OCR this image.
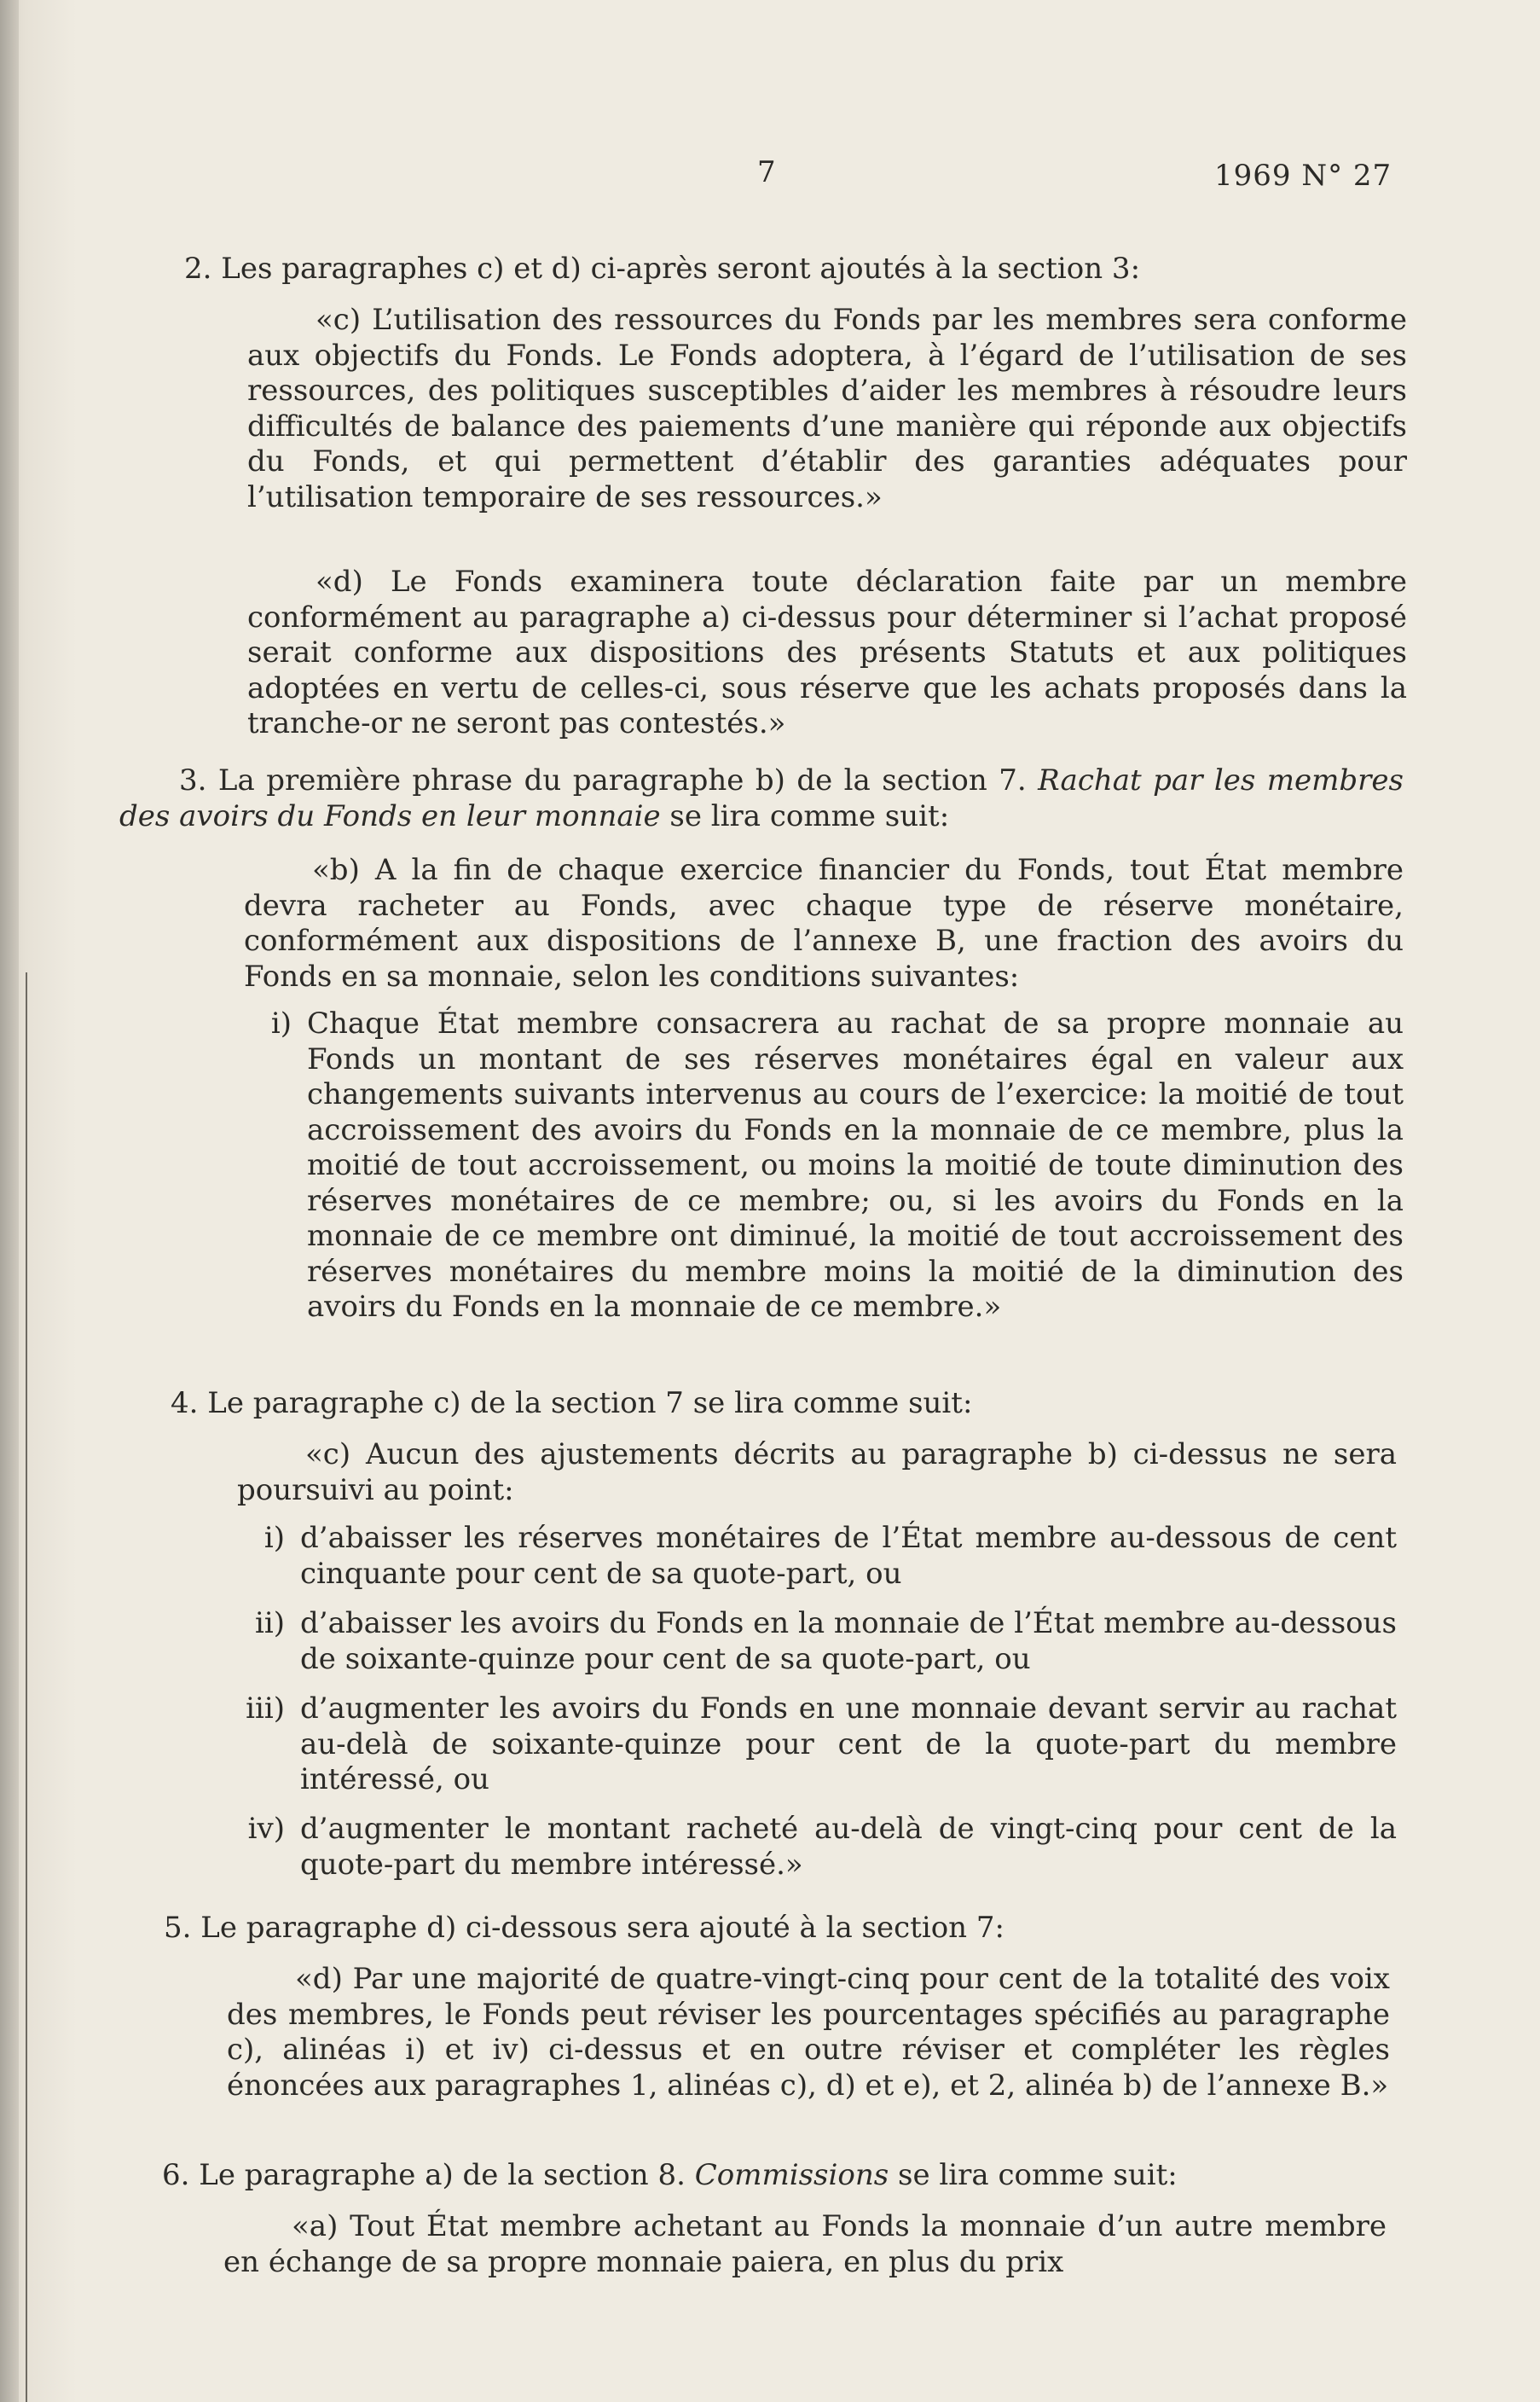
7	1969 N° 27

2. Les paragraphes c) et d) ci-après seront ajoutés à la section 3:

«c) L’utilisation des ressources du Fonds par les membres sera conforme aux objectifs du Fonds. Le Fonds adoptera, à l’égard de l’utilisation de ses ressources, des politiques susceptibles d’aider les membres à résoudre leurs difficultés de balance des paiements d’une manière qui réponde aux objectifs du Fonds, et qui permettent d’établir des garanties adéquates pour l’utilisation temporaire de ses ressources.»

«d) Le Fonds examinera toute déclaration faite par un membre conformément au paragraphe a) ci-dessus pour déterminer si l’achat proposé serait conforme aux dispositions des présents Statuts et aux politiques adoptées en vertu de celles-ci, sous réserve que les achats proposés dans la tranche-or ne seront pas contestés.»

3. La première phrase du paragraphe b) de la section 7. Rachat par les membres des avoirs du Fonds en leur monnaie se lira comme suit:

«b) A la fin de chaque exercice financier du Fonds, tout État membre devra racheter au Fonds, avec chaque type de réserve monétaire, conformément aux dispositions de l’annexe B, une fraction des avoirs du Fonds en sa monnaie, selon les conditions suivantes:

i) Chaque État membre consacrera au rachat de sa propre monnaie au Fonds un montant de ses réserves monétaires égal en valeur aux changements suivants intervenus au cours de l’exercice: la moitié de tout accroissement des avoirs du Fonds en la monnaie de ce membre, plus la moitié de tout accroissement, ou moins la moitié de toute diminution des réserves monétaires de ce membre; ou, si les avoirs du Fonds en la monnaie de ce membre ont diminué, la moitié de tout accroissement des réserves monétaires du membre moins la moitié de la diminution des avoirs du Fonds en la monnaie de ce membre.»

4. Le paragraphe c) de la section 7 se lira comme suit:

«c) Aucun des ajustements décrits au paragraphe b) ci-dessus ne sera poursuivi au point:

i) d’abaisser les réserves monétaires de l’État membre au-dessous de cent cinquante pour cent de sa quote-part, ou
ii) d’abaisser les avoirs du Fonds en la monnaie de l’État membre au-dessous de soixante-quinze pour cent de sa quote-part, ou
iii) d’augmenter les avoirs du Fonds en une monnaie devant servir au rachat au-delà de soixante-quinze pour cent de la quote-part du membre intéressé, ou
iv) d’augmenter le montant racheté au-delà de vingt-cinq pour cent de la quote-part du membre intéressé.»

5. Le paragraphe d) ci-dessous sera ajouté à la section 7:

«d) Par une majorité de quatre-vingt-cinq pour cent de la totalité des voix des membres, le Fonds peut réviser les pourcentages spécifiés au paragraphe c), alinéas i) et iv) ci-dessus et en outre réviser et compléter les règles énoncées aux paragraphes 1, alinéas c), d) et e), et 2, alinéa b) de l’annexe B.»

6. Le paragraphe a) de la section 8. Commissions se lira comme suit:

«a) Tout État membre achetant au Fonds la monnaie d’un autre membre en échange de sa propre monnaie paiera, en plus du prix
